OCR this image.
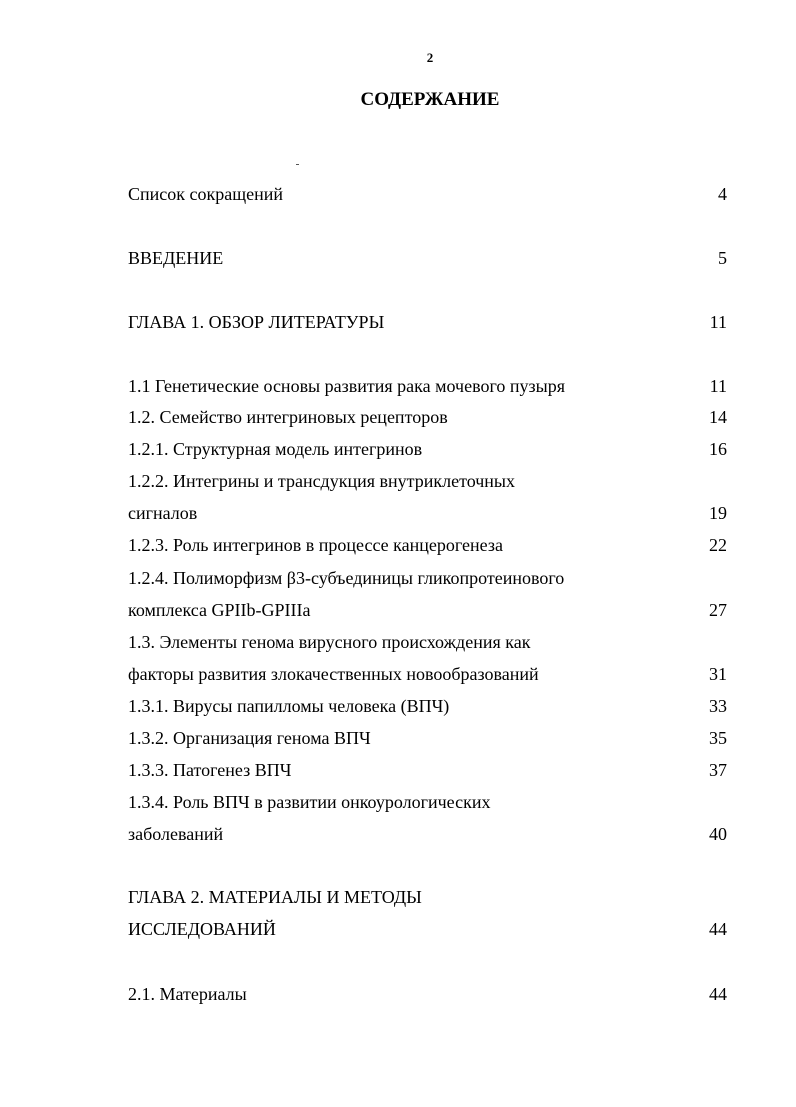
2
СОДЕРЖАНИЕ
Список сокращений	4
ВВЕДЕНИЕ	5
ГЛАВА 1. ОБЗОР ЛИТЕРАТУРЫ	11
1.1 Генетические основы развития рака мочевого пузыря	11
1.2. Семейство интегриновых рецепторов	14
1.2.1. Структурная модель интегринов	16
1.2.2. Интегрины и трансдукция внутриклеточных
сигналов	19
1.2.3. Роль интегринов в процессе канцерогенеза	22
1.2.4. Полиморфизм β3-субъединицы гликопротеинового
комплекса GPIIb-GPIIIa	27
1.3. Элементы генома вирусного происхождения как
факторы развития злокачественных новообразований	31
1.3.1. Вирусы папилломы человека (ВПЧ)	33
1.3.2. Организация генома ВПЧ	35
1.3.3. Патогенез ВПЧ	37
1.3.4. Роль ВПЧ в развитии онкоурологических
заболеваний	40
ГЛАВА 2. МАТЕРИАЛЫ И МЕТОДЫ
ИССЛЕДОВАНИЙ	44
2.1. Материалы	44
